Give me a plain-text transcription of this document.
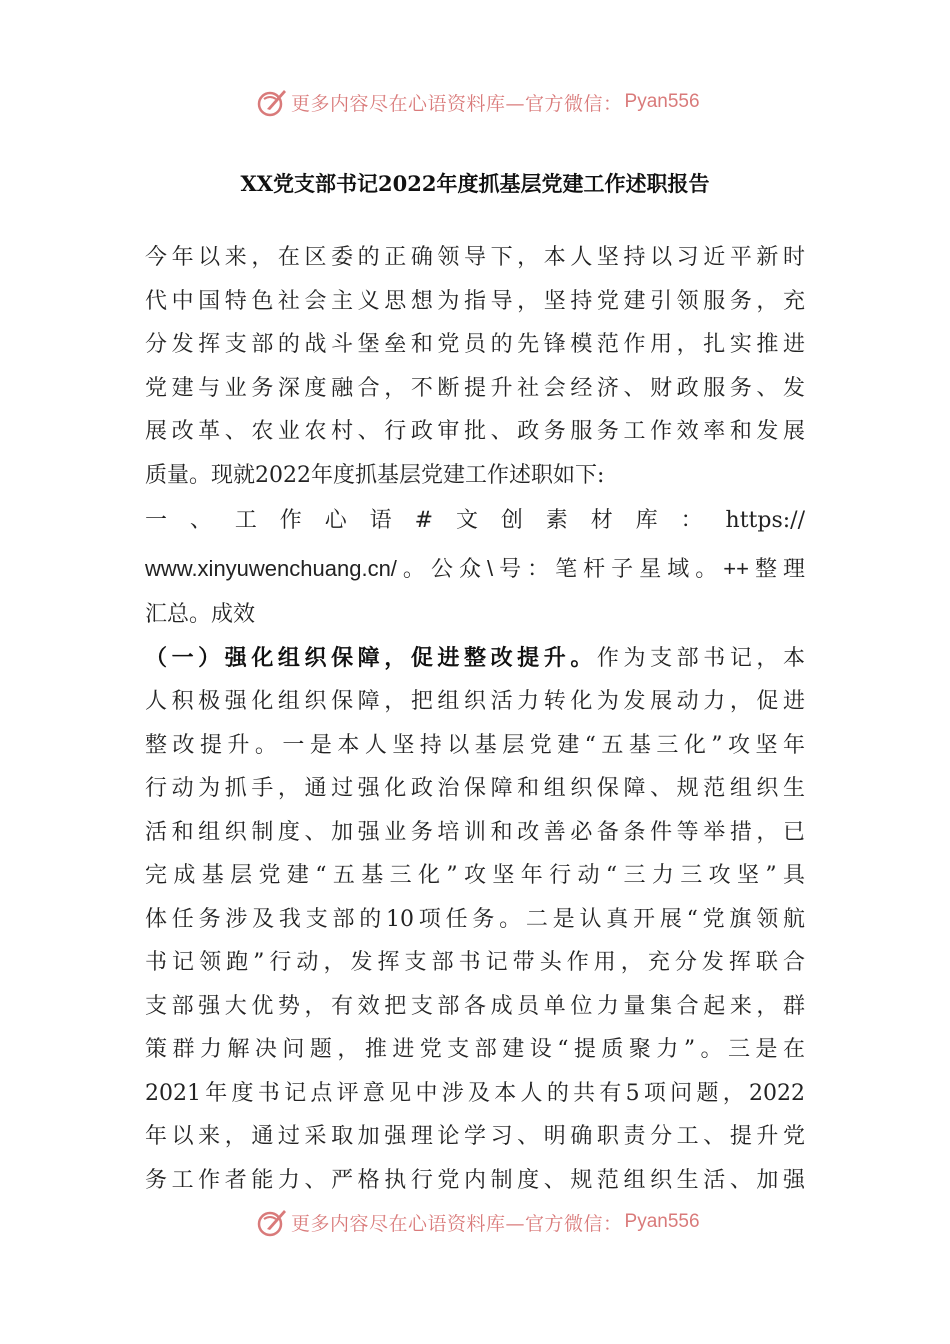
更多内容尽在心语资料库—官方微信： Pyan556
XX党支部书记2022年度抓基层党建工作述职报告
今年以来，在区委的正确领导下，本人坚持以习近平新时
代中国特色社会主义思想为指导，坚持党建引领服务，充
分发挥支部的战斗堡垒和党员的先锋模范作用，扎实推进
党建与业务深度融合，不断提升社会经济、财政服务、发
展改革、农业农村、行政审批、政务服务工作效率和发展
质量。现就2022年度抓基层党建工作述职如下:
一、工作心语#文创素材库：https://
www.xinyuwenchuang.cn/。公众\号：笔杆子星域。++整理
汇总。成效
（一）强化组织保障，促进整改提升。作为支部书记，本
人积极强化组织保障，把组织活力转化为发展动力，促进
整改提升。一是本人坚持以基层党建“五基三化”攻坚年
行动为抓手，通过强化政治保障和组织保障、规范组织生
活和组织制度、加强业务培训和改善必备条件等举措，已
完成基层党建“五基三化”攻坚年行动“三力三攻坚”具
体任务涉及我支部的10项任务。二是认真开展“党旗领航
书记领跑”行动，发挥支部书记带头作用，充分发挥联合
支部强大优势，有效把支部各成员单位力量集合起来，群
策群力解决问题，推进党支部建设“提质聚力”。三是在
2021年度书记点评意见中涉及本人的共有5项问题，2022
年以来，通过采取加强理论学习、明确职责分工、提升党
务工作者能力、严格执行党内制度、规范组织生活、加强
更多内容尽在心语资料库—官方微信： Pyan556
